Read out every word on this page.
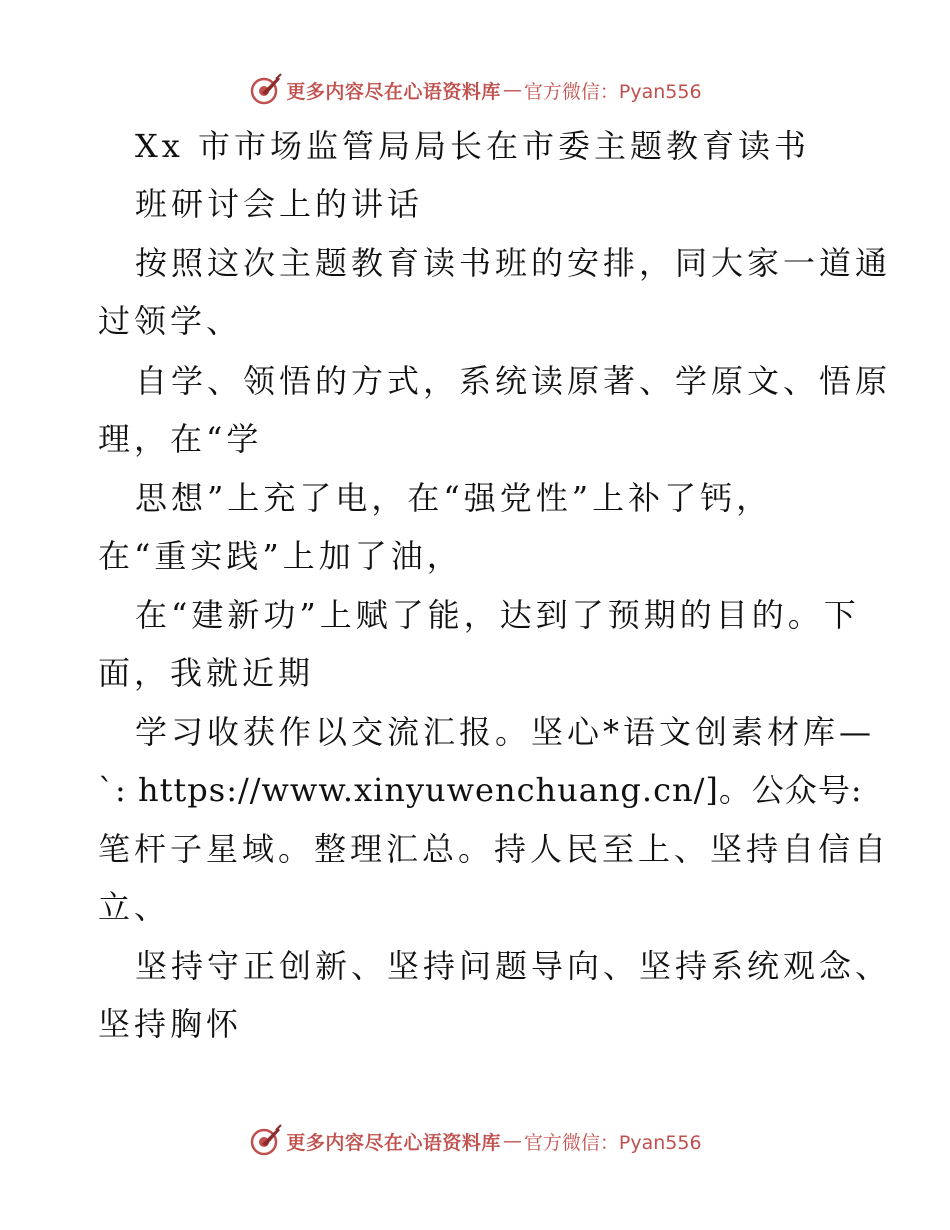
更多内容尽在心语资料库 — 官方微信：Pyan556
Xx 市市场监管局局长在市委主题教育读书
班研讨会上的讲话
按照这次主题教育读书班的安排，同大家一道通
过领学、
自学、领悟的方式，系统读原著、学原文、悟原
理，在“学
思想”上充了电，在“强党性”上补了钙，
在“重实践”上加了油，
在“建新功”上赋了能，达到了预期的目的。下
面，我就近期
学习收获作以交流汇报。坚心*语文创素材库—
`: https://www.xinyuwenchuang.cn/]。公众号:
笔杆子星域。整理汇总。持人民至上、坚持自信自
立、
坚持守正创新、坚持问题导向、坚持系统观念、
坚持胸怀
更多内容尽在心语资料库 — 官方微信：Pyan556
